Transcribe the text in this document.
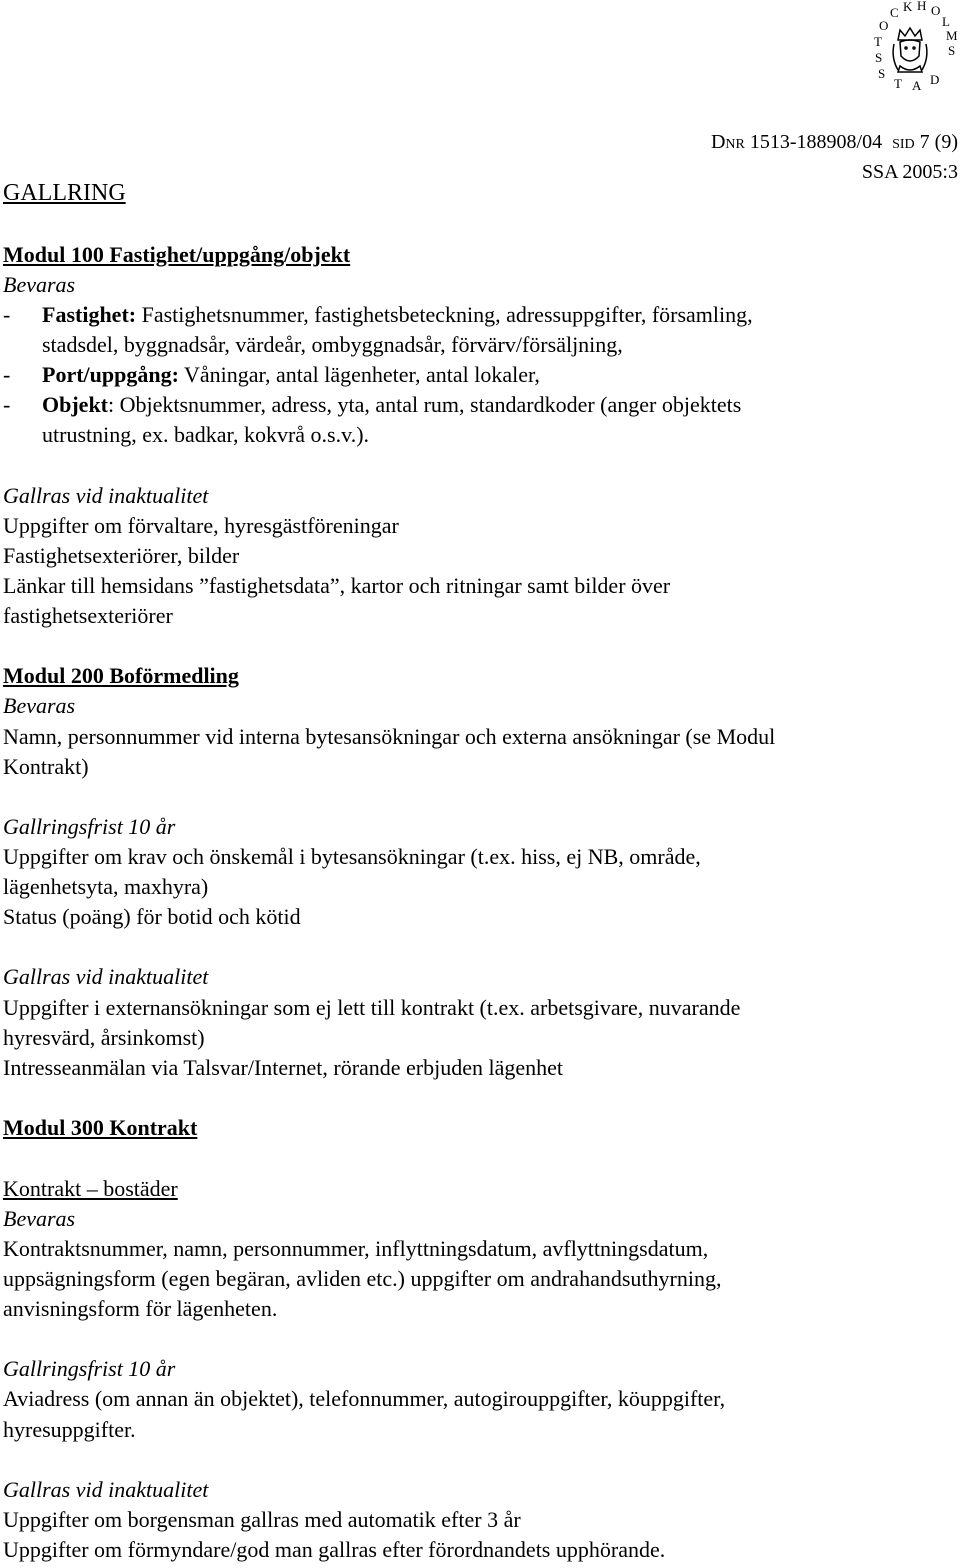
S
T
O
C K H O
L
M
S
S
T A D
Dnr 1513-188908/04 sid 7 (9)
SSA 2005:3
GALLRING
Modul 100 Fastighet/uppgång/objekt
Bevaras
- Fastighet: Fastighetsnummer, fastighetsbeteckning, adressuppgifter, församling,
stadsdel, byggnadsår, värdeår, ombyggnadsår, förvärv/försäljning,
- Port/uppgång: Våningar, antal lägenheter, antal lokaler,
- Objekt: Objektsnummer, adress, yta, antal rum, standardkoder (anger objektets
utrustning, ex. badkar, kokvrå o.s.v.).
Gallras vid inaktualitet
Uppgifter om förvaltare, hyresgästföreningar
Fastighetsexteriörer, bilder
Länkar till hemsidans ”fastighetsdata”, kartor och ritningar samt bilder över
fastighetsexteriörer
Modul 200 Boförmedling
Bevaras
Namn, personnummer vid interna bytesansökningar och externa ansökningar (se Modul
Kontrakt)
Gallringsfrist 10 år
Uppgifter om krav och önskemål i bytesansökningar (t.ex. hiss, ej NB, område,
lägenhetsyta, maxhyra)
Status (poäng) för botid och kötid
Gallras vid inaktualitet
Uppgifter i externansökningar som ej lett till kontrakt (t.ex. arbetsgivare, nuvarande
hyresvärd, årsinkomst)
Intresseanmälan via Talsvar/Internet, rörande erbjuden lägenhet
Modul 300 Kontrakt
Kontrakt – bostäder
Bevaras
Kontraktsnummer, namn, personnummer, inflyttningsdatum, avflyttningsdatum,
uppsägningsform (egen begäran, avliden etc.) uppgifter om andrahandsuthyrning,
anvisningsform för lägenheten.
Gallringsfrist 10 år
Aviadress (om annan än objektet), telefonnummer, autogirouppgifter, köuppgifter,
hyresuppgifter.
Gallras vid inaktualitet
Uppgifter om borgensman gallras med automatik efter 3 år
Uppgifter om förmyndare/god man gallras efter förordnandets upphörande.
